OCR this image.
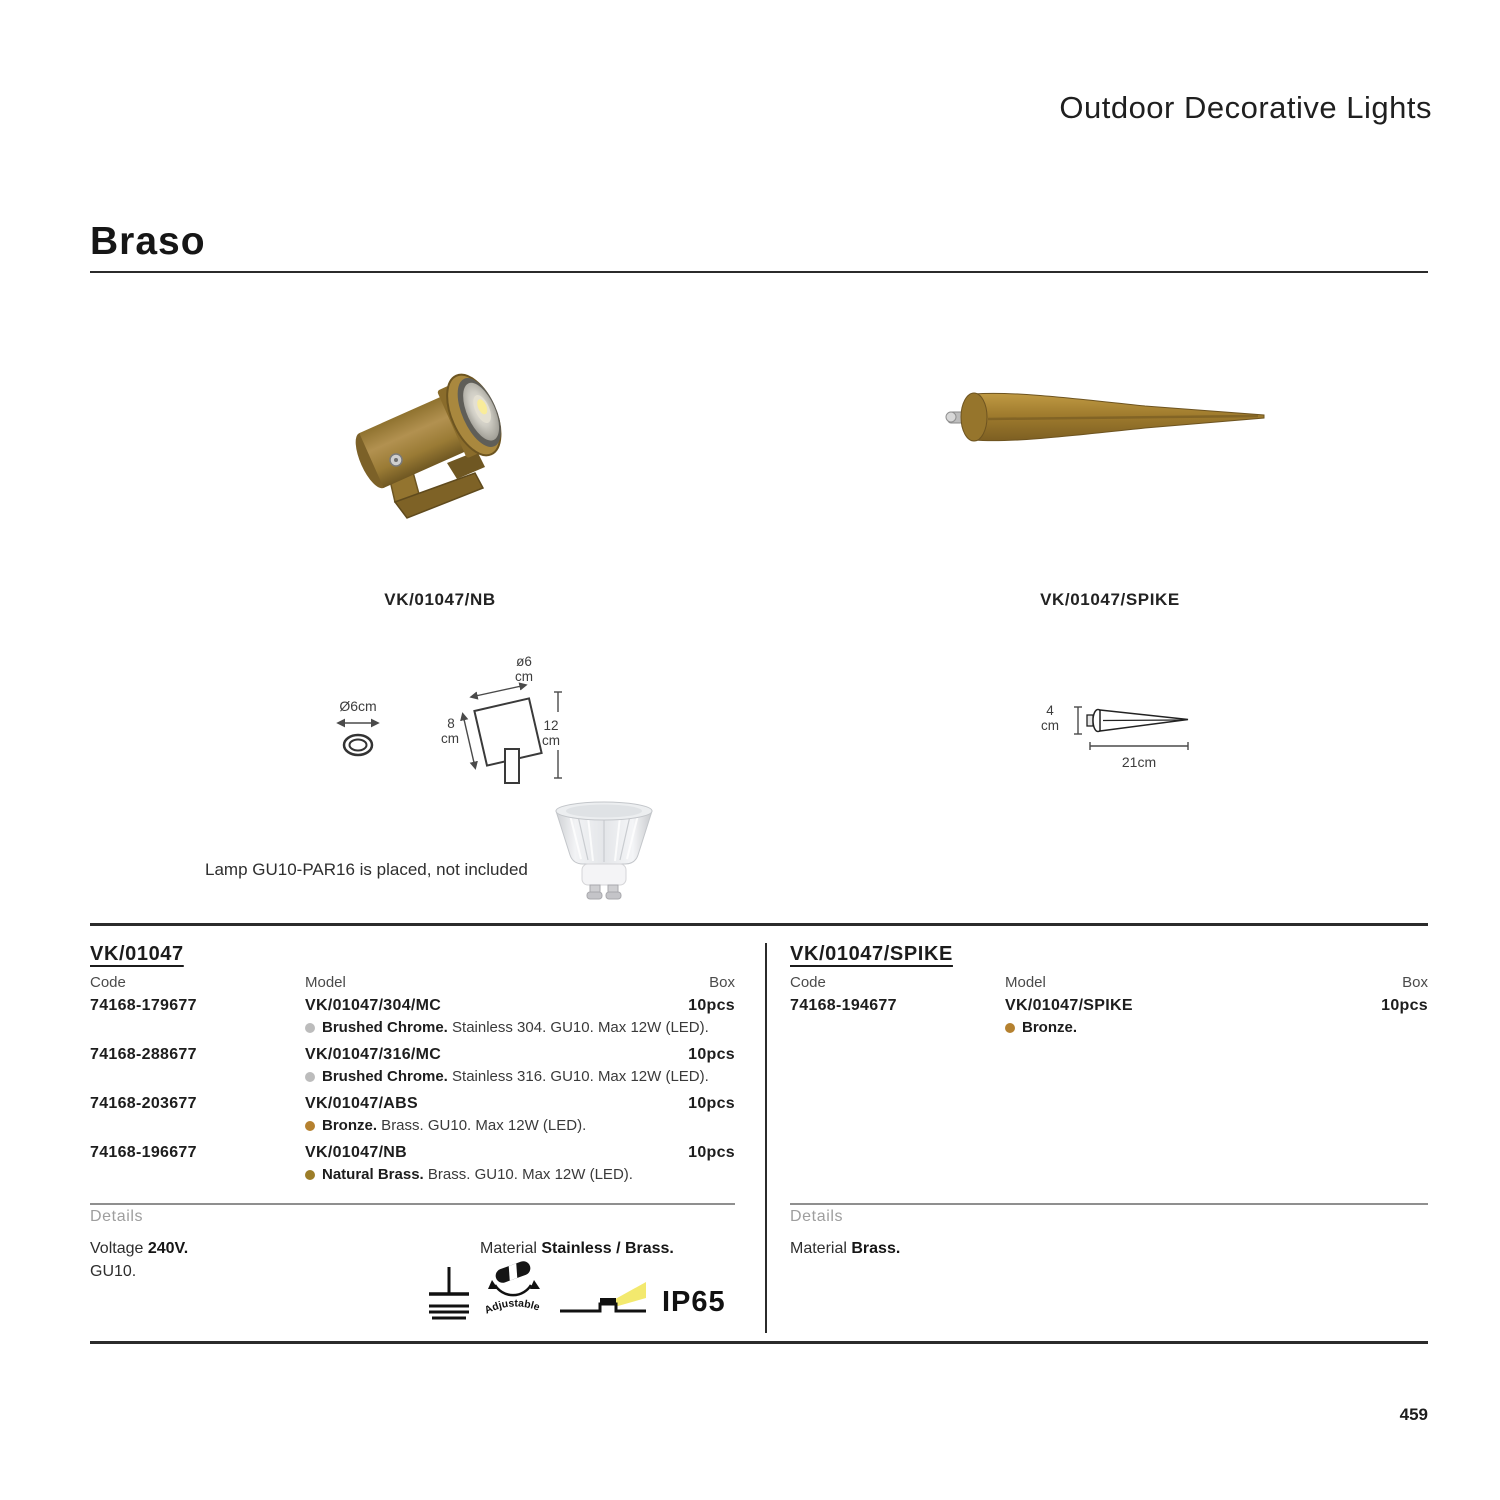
Outdoor Decorative Lights
Braso
VK/01047/NB	VK/01047/SPIKE
Ø6cm
ø6
cm
8
cm
12
cm
4
cm
21cm
Lamp GU10-PAR16 is placed, not included
VK/01047
Code	Model	Box
74168-179677	VK/01047/304/MC	10pcs
Brushed Chrome. Stainless 304. GU10. Max 12W (LED).
74168-288677	VK/01047/316/MC	10pcs
Brushed Chrome. Stainless 316. GU10. Max 12W (LED).
74168-203677	VK/01047/ABS	10pcs
Bronze. Brass. GU10. Max 12W (LED).
74168-196677	VK/01047/NB	10pcs
Natural Brass. Brass. GU10. Max 12W (LED).
VK/01047/SPIKE
Code	Model	Box
74168-194677	VK/01047/SPIKE	10pcs
Bronze.
Details	Details
Voltage 240V.
GU10.
Material Stainless / Brass.	Material Brass.
Adjustable	IP65
459
